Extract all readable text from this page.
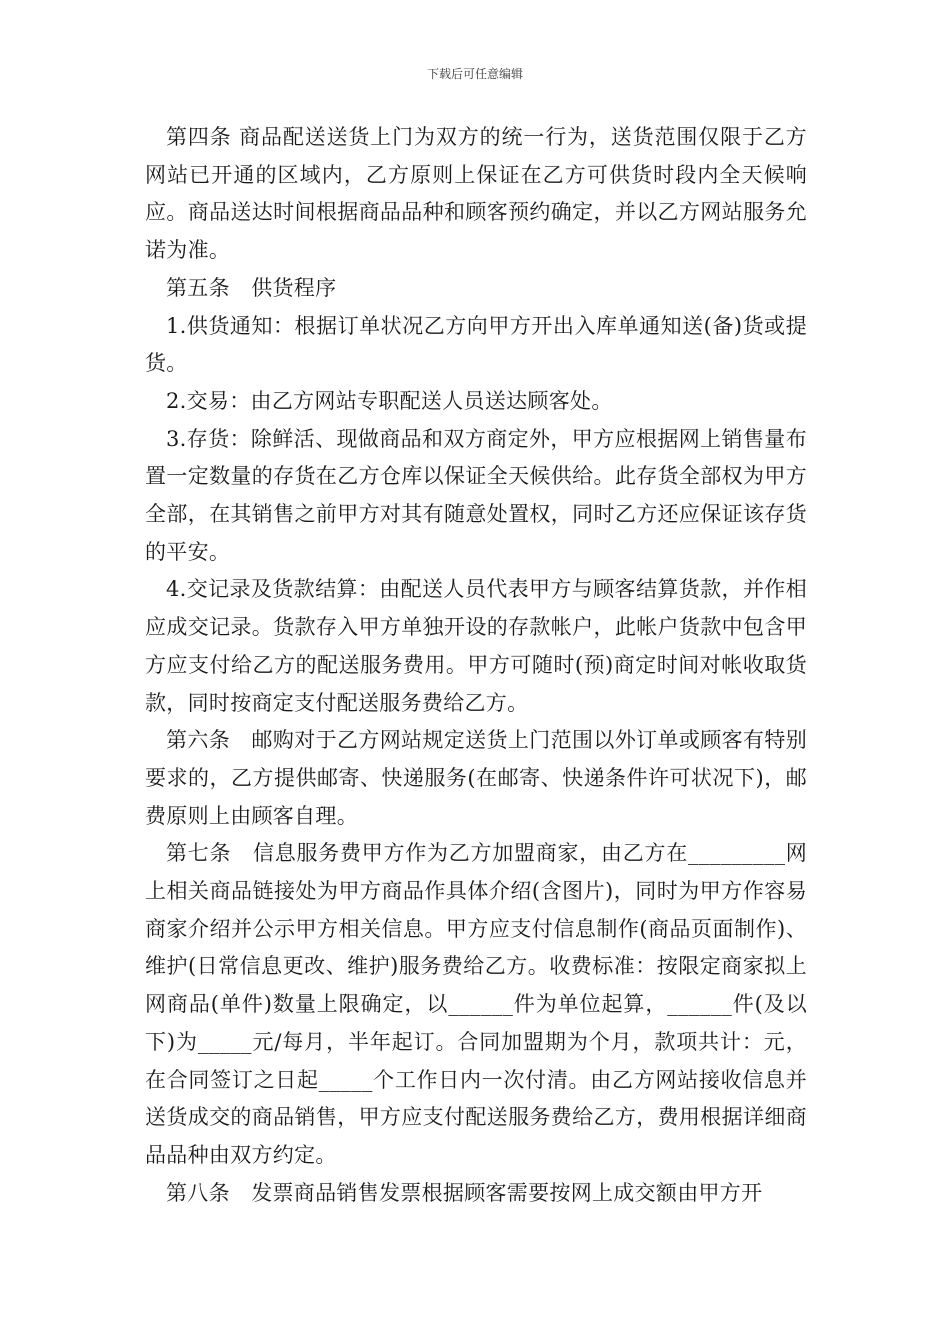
下载后可任意编辑

第四条 商品配送送货上门为双方的统一行为，送货范围仅限于乙方网站已开通的区域内，乙方原则上保证在乙方可供货时段内全天候响应。商品送达时间根据商品品种和顾客预约确定，并以乙方网站服务允诺为准。

第五条　供货程序

1.供货通知：根据订单状况乙方向甲方开出入库单通知送(备)货或提货。

2.交易：由乙方网站专职配送人员送达顾客处。

3.存货：除鲜活、现做商品和双方商定外，甲方应根据网上销售量布置一定数量的存货在乙方仓库以保证全天候供给。此存货全部权为甲方全部，在其销售之前甲方对其有随意处置权，同时乙方还应保证该存货的平安。

4.交记录及货款结算：由配送人员代表甲方与顾客结算货款，并作相应成交记录。货款存入甲方单独开设的存款帐户，此帐户货款中包含甲方应支付给乙方的配送服务费用。甲方可随时(预)商定时间对帐收取货款，同时按商定支付配送服务费给乙方。

第六条　邮购对于乙方网站规定送货上门范围以外订单或顾客有特别要求的，乙方提供邮寄、快递服务(在邮寄、快递条件许可状况下)，邮费原则上由顾客自理。

第七条　信息服务费甲方作为乙方加盟商家，由乙方在_________网上相关商品链接处为甲方商品作具体介绍(含图片)，同时为甲方作容易商家介绍并公示甲方相关信息。甲方应支付信息制作(商品页面制作)、维护(日常信息更改、维护)服务费给乙方。收费标准：按限定商家拟上网商品(单件)数量上限确定，以______件为单位起算，______件(及以下)为_____元/每月，半年起订。合同加盟期为个月，款项共计：元，在合同签订之日起_____个工作日内一次付清。由乙方网站接收信息并送货成交的商品销售，甲方应支付配送服务费给乙方，费用根据详细商品品种由双方约定。

第八条　发票商品销售发票根据顾客需要按网上成交额由甲方开
